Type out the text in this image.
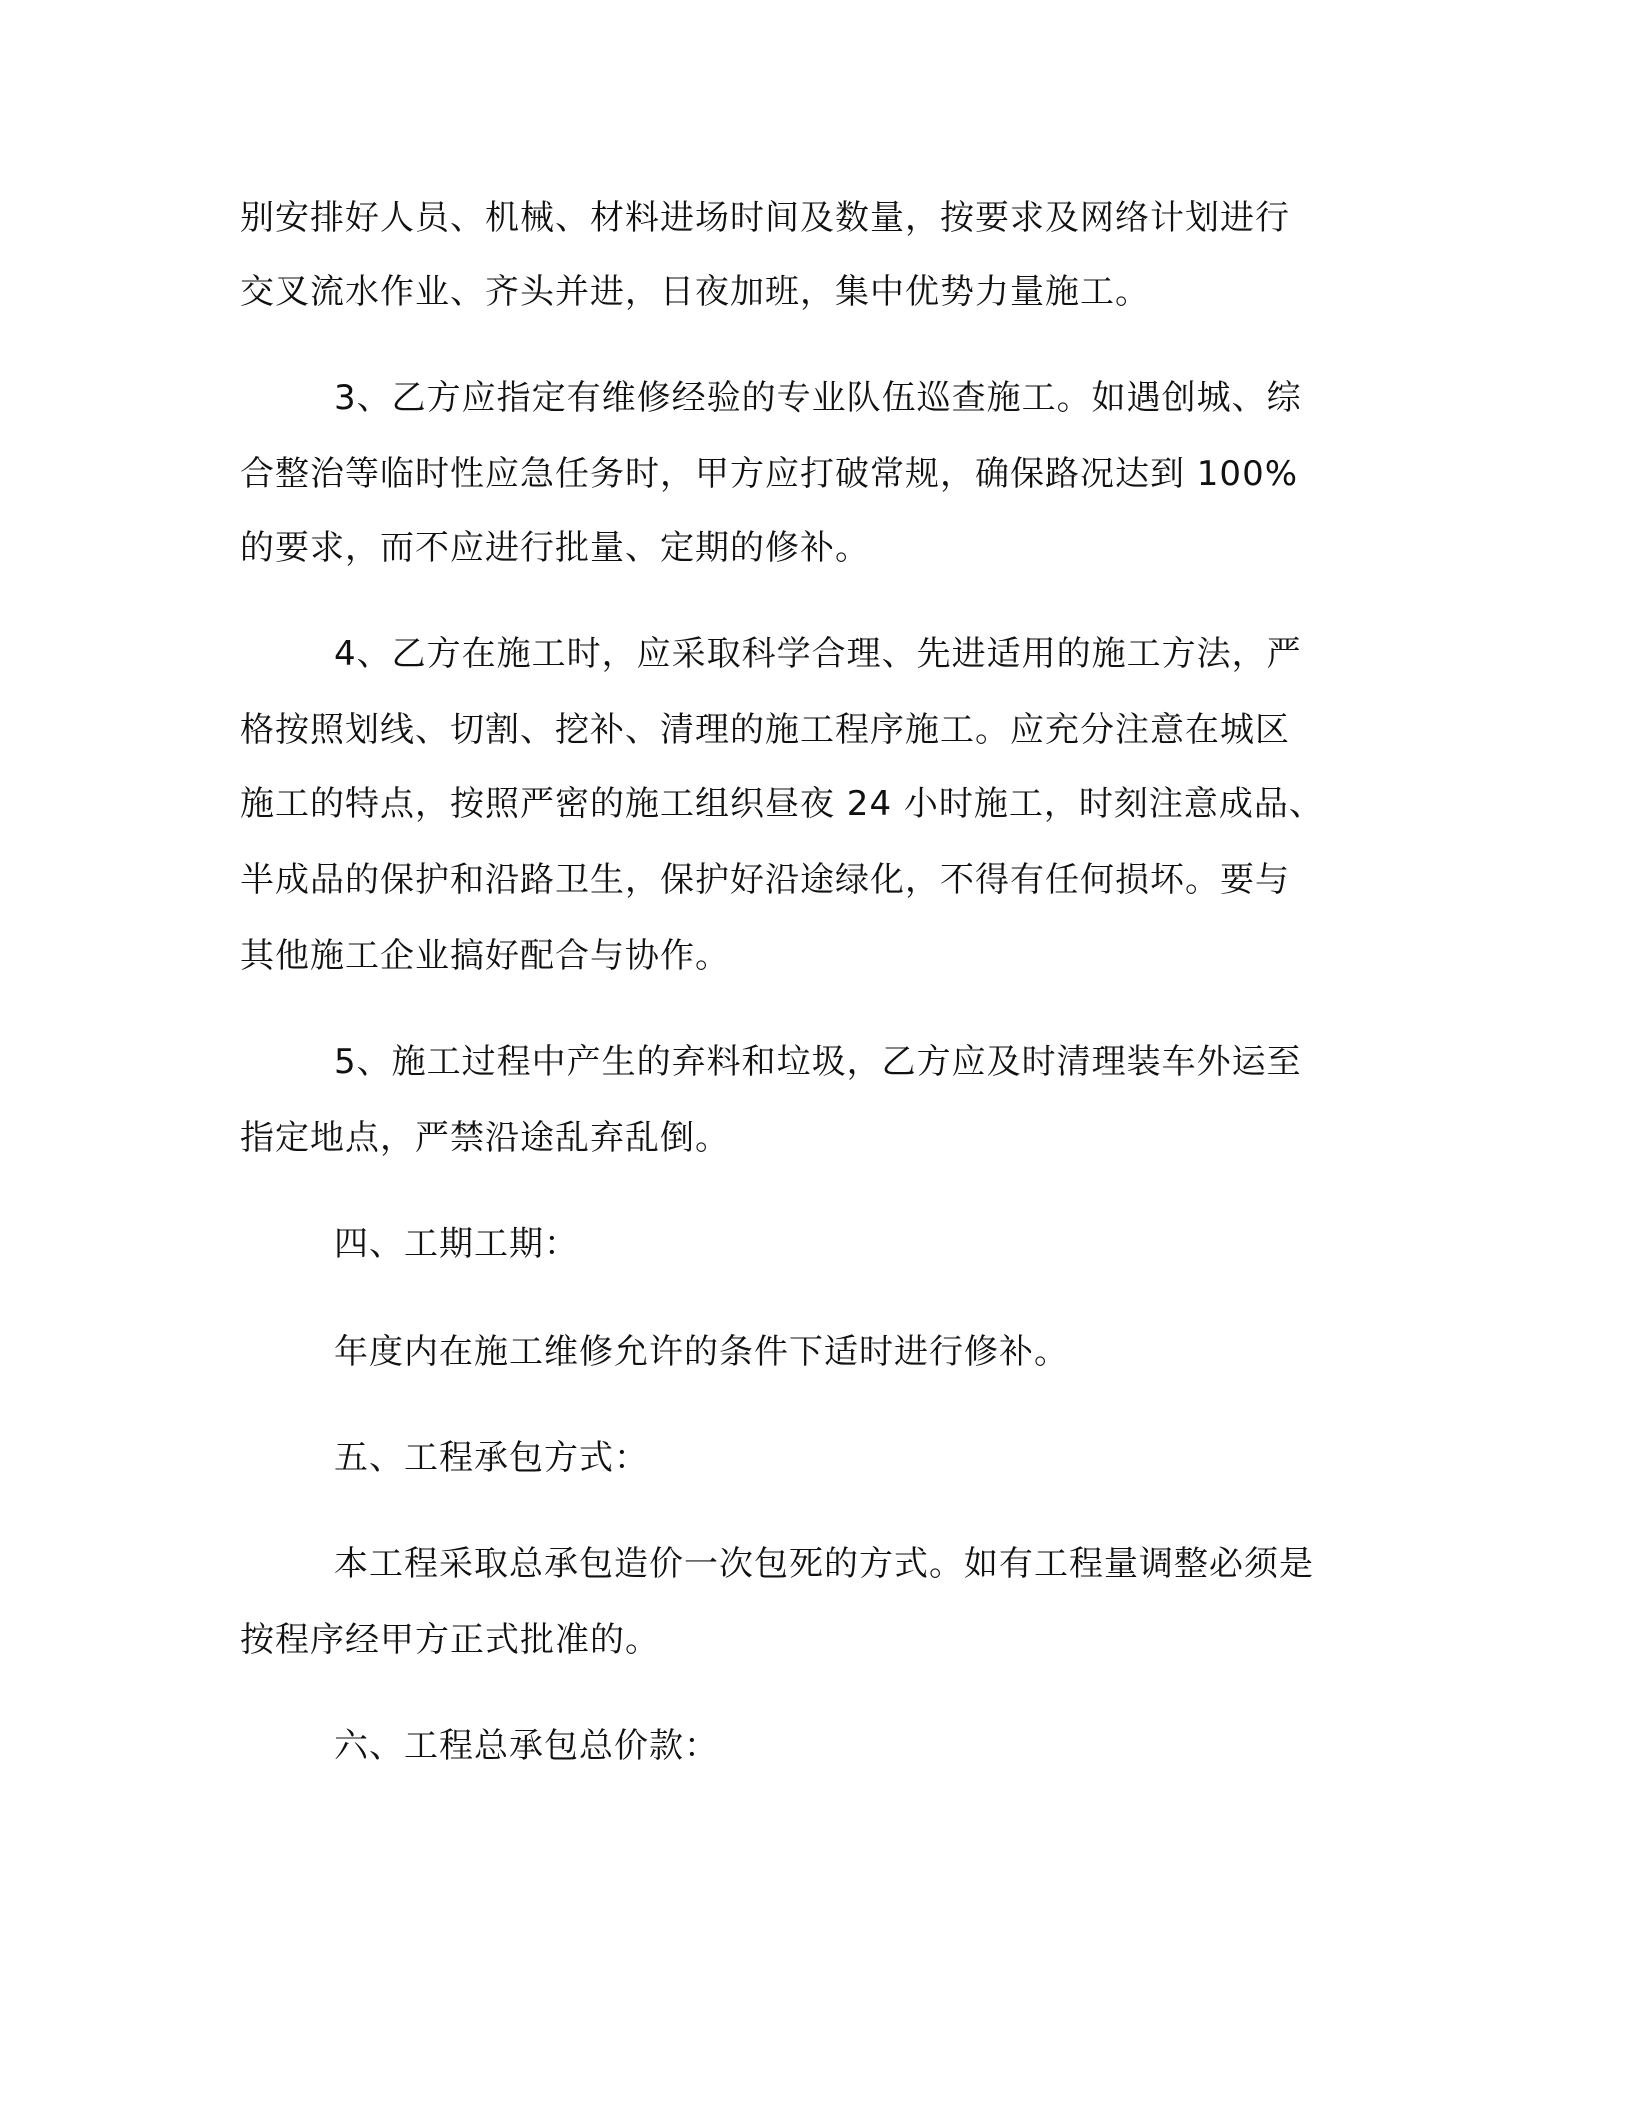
别安排好人员、机械、材料进场时间及数量，按要求及网络计划进行
交叉流水作业、齐头并进，日夜加班，集中优势力量施工。
3、乙方应指定有维修经验的专业队伍巡查施工。如遇创城、综
合整治等临时性应急任务时，甲方应打破常规，确保路况达到 100%
的要求，而不应进行批量、定期的修补。
4、乙方在施工时，应采取科学合理、先进适用的施工方法，严
格按照划线、切割、挖补、清理的施工程序施工。应充分注意在城区
施工的特点，按照严密的施工组织昼夜 24 小时施工，时刻注意成品、
半成品的保护和沿路卫生，保护好沿途绿化，不得有任何损坏。要与
其他施工企业搞好配合与协作。
5、施工过程中产生的弃料和垃圾，乙方应及时清理装车外运至
指定地点，严禁沿途乱弃乱倒。
四、工期工期：
年度内在施工维修允许的条件下适时进行修补。
五、工程承包方式：
本工程采取总承包造价一次包死的方式。如有工程量调整必须是
按程序经甲方正式批准的。
六、工程总承包总价款：
